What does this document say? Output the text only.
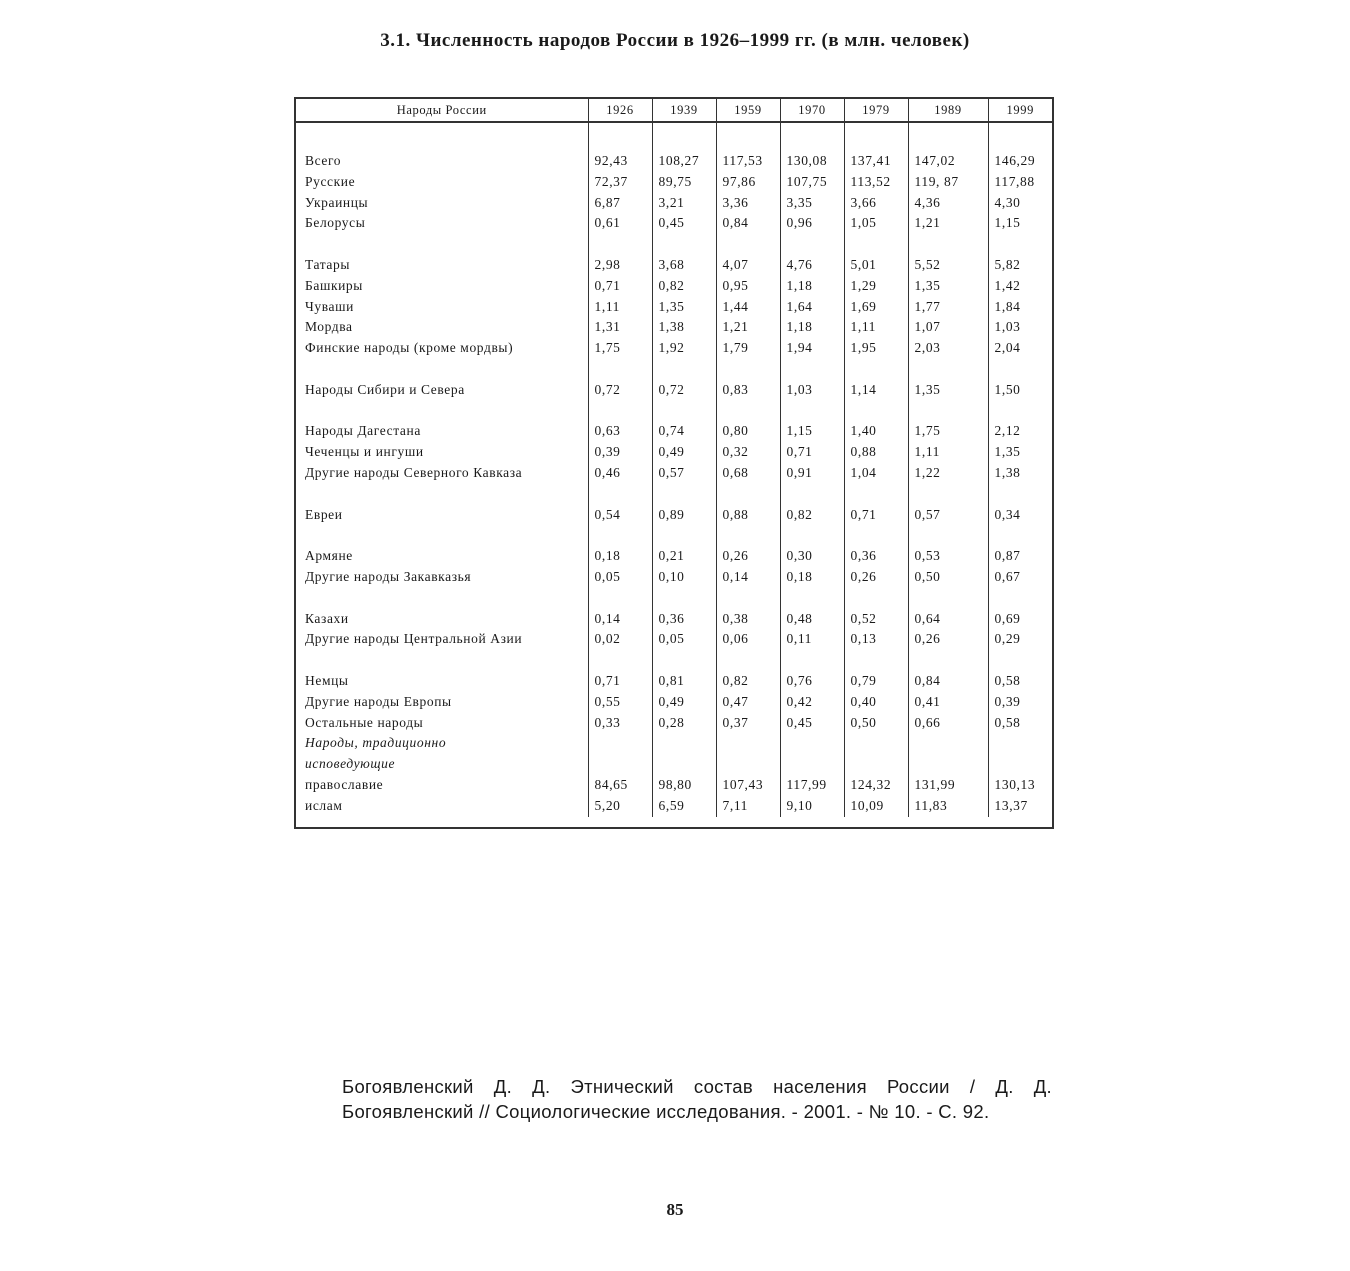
3.1. Численность народов России в 1926–1999 гг. (в млн. человек)
Народы России	1926	1939	1959	1970	1979	1989	1999

Всего	92,43	108,27	117,53	130,08	137,41	147,02	146,29
Русские	72,37	89,75	97,86	107,75	113,52	119, 87	117,88
Украинцы	6,87	3,21	3,36	3,35	3,66	4,36	4,30
Белорусы	0,61	0,45	0,84	0,96	1,05	1,21	1,15

Татары	2,98	3,68	4,07	4,76	5,01	5,52	5,82
Башкиры	0,71	0,82	0,95	1,18	1,29	1,35	1,42
Чуваши	1,11	1,35	1,44	1,64	1,69	1,77	1,84
Мордва	1,31	1,38	1,21	1,18	1,11	1,07	1,03
Финские народы (кроме мордвы)	1,75	1,92	1,79	1,94	1,95	2,03	2,04

Народы Сибири и Севера	0,72	0,72	0,83	1,03	1,14	1,35	1,50

Народы Дагестана	0,63	0,74	0,80	1,15	1,40	1,75	2,12
Чеченцы и ингуши	0,39	0,49	0,32	0,71	0,88	1,11	1,35
Другие народы Северного Кавказа	0,46	0,57	0,68	0,91	1,04	1,22	1,38

Евреи	0,54	0,89	0,88	0,82	0,71	0,57	0,34

Армяне	0,18	0,21	0,26	0,30	0,36	0,53	0,87
Другие народы Закавказья	0,05	0,10	0,14	0,18	0,26	0,50	0,67

Казахи	0,14	0,36	0,38	0,48	0,52	0,64	0,69
Другие народы Центральной Азии	0,02	0,05	0,06	0,11	0,13	0,26	0,29

Немцы	0,71	0,81	0,82	0,76	0,79	0,84	0,58
Другие народы Европы	0,55	0,49	0,47	0,42	0,40	0,41	0,39
Остальные народы	0,33	0,28	0,37	0,45	0,50	0,66	0,58
Народы, традиционно							
исповедующие							
православие	84,65	98,80	107,43	117,99	124,32	131,99	130,13
ислам	5,20	6,59	7,11	9,10	10,09	11,83	13,37
Богоявленский Д. Д. Этнический состав населения России / Д. Д. Богоявленский // Социологические исследования. - 2001. - № 10. - С. 92.
85
